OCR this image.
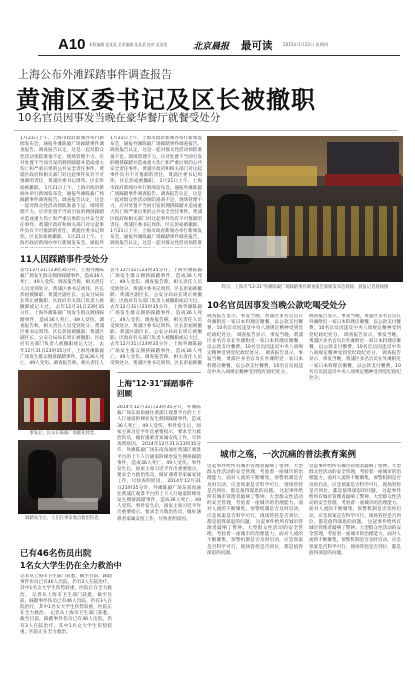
A10 本版编辑 某某某 美术编辑 某某某 校对 某某某	北京晨报 最可读	2015年1月22日 星期四
上海公布外滩踩踏事件调查报告
黄浦区委书记及区长被撤职
10名官员因事发当晚在豪华餐厅就餐受处分
1月21日上午，上海市政府新闻办举行新闻发布会，通报外滩陈毅广场踩踏事件调查报告。调查报告认定，这是一起对群众性活动预防准备不足、现场管理不力、应对处置不当而引发的拥挤踩踏并造成重大伤亡和严重后果的公共安全责任事件。黄浦区政府和相关部门对这起事件负有不可推卸的责任，黄浦区委书记周伟、区长彭崧被撤职。 1月21日上午，上海市政府新闻办举行新闻发布会，通报外滩陈毅广场踩踏事件调查报告。调查报告认定，这是一起对群众性活动预防准备不足、现场管理不力、应对处置不当而引发的拥挤踩踏并造成重大伤亡和严重后果的公共安全责任事件。黄浦区政府和相关部门对这起事件负有不可推卸的责任，黄浦区委书记周伟、区长彭崧被撤职。 1月21日上午，上海市政府新闻办举行新闻发布会，通报外
1月21日上午，上海市政府新闻办举行新闻发布会，通报外滩陈毅广场踩踏事件调查报告。调查报告认定，这是一起对群众性活动预防准备不足、现场管理不力、应对处置不当而引发的拥挤踩踏并造成重大伤亡和严重后果的公共安全责任事件。黄浦区政府和相关部门对这起事件负有不可推卸的责任，黄浦区委书记周伟、区长彭崧被撤职。 1月21日上午，上海市政府新闻办举行新闻发布会，通报外滩陈毅广场踩踏事件调查报告。调查报告认定，这是一起对群众性活动预防准备不足、现场管理不力、应对处置不当而引发的拥挤踩踏并造成重大伤亡和严重后果的公共安全责任事件。黄浦区政府和相关部门对这起事件负有不可推卸的责任，黄浦区委书记周伟、区长彭崧被撤职。 1月21日上午，上海市政府新闻办举行新闻发布会，通报外滩陈毅广场踩踏事件调查报告。调查报告认定，这是一起对群众性活动预防准
昨日，上海市"12·31"外滩陈毅广场踩踏事件调查报告新闻发布会现场。晨报记者现场摄
11人因踩踏事件受处分
去年12月31日23时35分许，上海外滩陈毅广场发生群众拥挤踩踏事件，造成36人死亡、49人受伤。调查报告称，相关责任人员受到处分。黄浦区委书记周伟、区长彭崧被撤职；黄浦区副区长、公安分局局长周正被撤职；区政府有关部门负责人被撤职或记大过。 去年12月31日23时35分许，上海外滩陈毅广场发生群众拥挤踩踏事件，造成36人死亡、49人受伤。调查报告称，相关责任人员受到处分。黄浦区委书记周伟、区长彭崧被撤职；黄浦区副区长、公安分局局长周正被撤职；区政府有关部门负责人被撤职或记大过。 去年12月31日23时35分许，上海外滩陈毅广场发生群众拥挤踩踏事件，造成36人死亡、49人受伤。调查报告称，相关责任人
去年12月31日23时35分许，上海外滩陈毅广场发生群众拥挤踩踏事件，造成36人死亡、49人受伤。调查报告称，相关责任人员受到处分。黄浦区委书记周伟、区长彭崧被撤职；黄浦区副区长、公安分局局长周正被撤职；区政府有关部门负责人被撤职或记大过。 去年12月31日23时35分许，上海外滩陈毅广场发生群众拥挤踩踏事件，造成36人死亡、49人受伤。调查报告称，相关责任人员受到处分。黄浦区委书记周伟、区长彭崧被撤职；黄浦区副区长、公安分局局长周正被撤职；区政府有关部门负责人被撤职或记大过。 去年12月31日23时35分许，上海外滩陈毅广场发生群众拥挤踩踏事件，造成36人死亡、49人受伤。调查报告称，相关责任人员受到处分。黄浦区委书记周伟、区长彭崧被撤
事发后，民众在陈毅广场献花悼念。
踩踏发生后，人们在事发地点救治伤者。
已有46名伤员出院
1名女大学生仍在全力救治中
记者从上海市卫生部门获悉，截至目前，踩踏事件伤员已有46人出院，仍有3人在院治疗，其中1名女大学生伤势较重，医院正在全力救治。 记者从上海市卫生部门获悉，截至目前，踩踏事件伤员已有46人出院，仍有3人在院治疗，其中1名女大学生伤势较重，医院正在全力救治。 记者从上海市卫生部门获悉，截至目前，踩踏事件伤员已有46人出院，仍有3人在院治疗，其中1名女大学生伤势较重，医院正在全力救治。
上海"12·31"踩踏事件回顾
2014年12月31日23时35分许，外滩陈毅广场东南角通往黄浦江观景平台的上下人行通道阶梯处发生拥挤踩踏事件，造成36人死亡、49人受伤。事件发生后，国家主席习近平作出重要指示，要求全力救治伤员，做好遇难者家属安抚工作，尽快查明原因。 2014年12月31日23时35分许，外滩陈毅广场东南角通往黄浦江观景平台的上下人行通道阶梯处发生拥挤踩踏事件，造成36人死亡、49人受伤。事件发生后，国家主席习近平作出重要指示，要求全力救治伤员，做好遇难者家属安抚工作，尽快查明原因。 2014年12月31日23时35分许，外滩陈毅广场东南角通往黄浦江观景平台的上下人行通道阶梯处发生拥挤踩踏事件，造成36人死亡、49人受伤。事件发生后，国家主席习近平作出重要指示，要求全力救治伤员，做好遇难者家属安抚工作，尽快查明原因。
10名官员因事发当晚公款吃喝受处分
调查报告显示，事发当晚，黄浦区多名官员在外滩附近一家日本料理店聚餐，以公款支付餐费。10名官员因违反中央八项规定精神受到党纪政纪处分。 调查报告显示，事发当晚，黄浦区多名官员在外滩附近一家日本料理店聚餐，以公款支付餐费。10名官员因违反中央八项规定精神受到党纪政纪处分。 调查报告显示，事发当晚，黄浦区多名官员在外滩附近一家日本料理店聚餐，以公款支付餐费。10名官员因违反中央八项规定精神受到党纪政纪处分。
调查报告显示，事发当晚，黄浦区多名官员在外滩附近一家日本料理店聚餐，以公款支付餐费。10名官员因违反中央八项规定精神受到党纪政纪处分。 调查报告显示，事发当晚，黄浦区多名官员在外滩附近一家日本料理店聚餐，以公款支付餐费。10名官员因违反中央八项规定精神受到党纪政纪处分。 调查报告显示，事发当晚，黄浦区多名官员在外滩附近一家日本料理店聚餐，以公款支付餐费。10名官员因违反中央八项规定精神受到党纪政纪处分。
城市之殇，一次沉痛的普法教育案例
这起事件给所有城市管理者敲响了警钟。大型群众性活动的安全管理，考验着一座城市的治理能力。面对人流的不断聚集，预警机制是否及时启动，应急预案是否科学可行，现场管控是否到位，都是值得深思的问题。 这起事件给所有城市管理者敲响了警钟。大型群众性活动的安全管理，考验着一座城市的治理能力。面对人流的不断聚集，预警机制是否及时启动，应急预案是否科学可行，现场管控是否到位，都是值得深思的问题。 这起事件给所有城市管理者敲响了警钟。大型群众性活动的安全管理，考验着一座城市的治理能力。面对人流的不断聚集，预警机制是否及时启动，应急预案是否科学可行，现场管控是否到位，都是值得深思的问题。
这起事件给所有城市管理者敲响了警钟。大型群众性活动的安全管理，考验着一座城市的治理能力。面对人流的不断聚集，预警机制是否及时启动，应急预案是否科学可行，现场管控是否到位，都是值得深思的问题。 这起事件给所有城市管理者敲响了警钟。大型群众性活动的安全管理，考验着一座城市的治理能力。面对人流的不断聚集，预警机制是否及时启动，应急预案是否科学可行，现场管控是否到位，都是值得深思的问题。 这起事件给所有城市管理者敲响了警钟。大型群众性活动的安全管理，考验着一座城市的治理能力。面对人流的不断聚集，预警机制是否及时启动，应急预案是否科学可行，现场管控是否到位，都是值得深思的问题。
